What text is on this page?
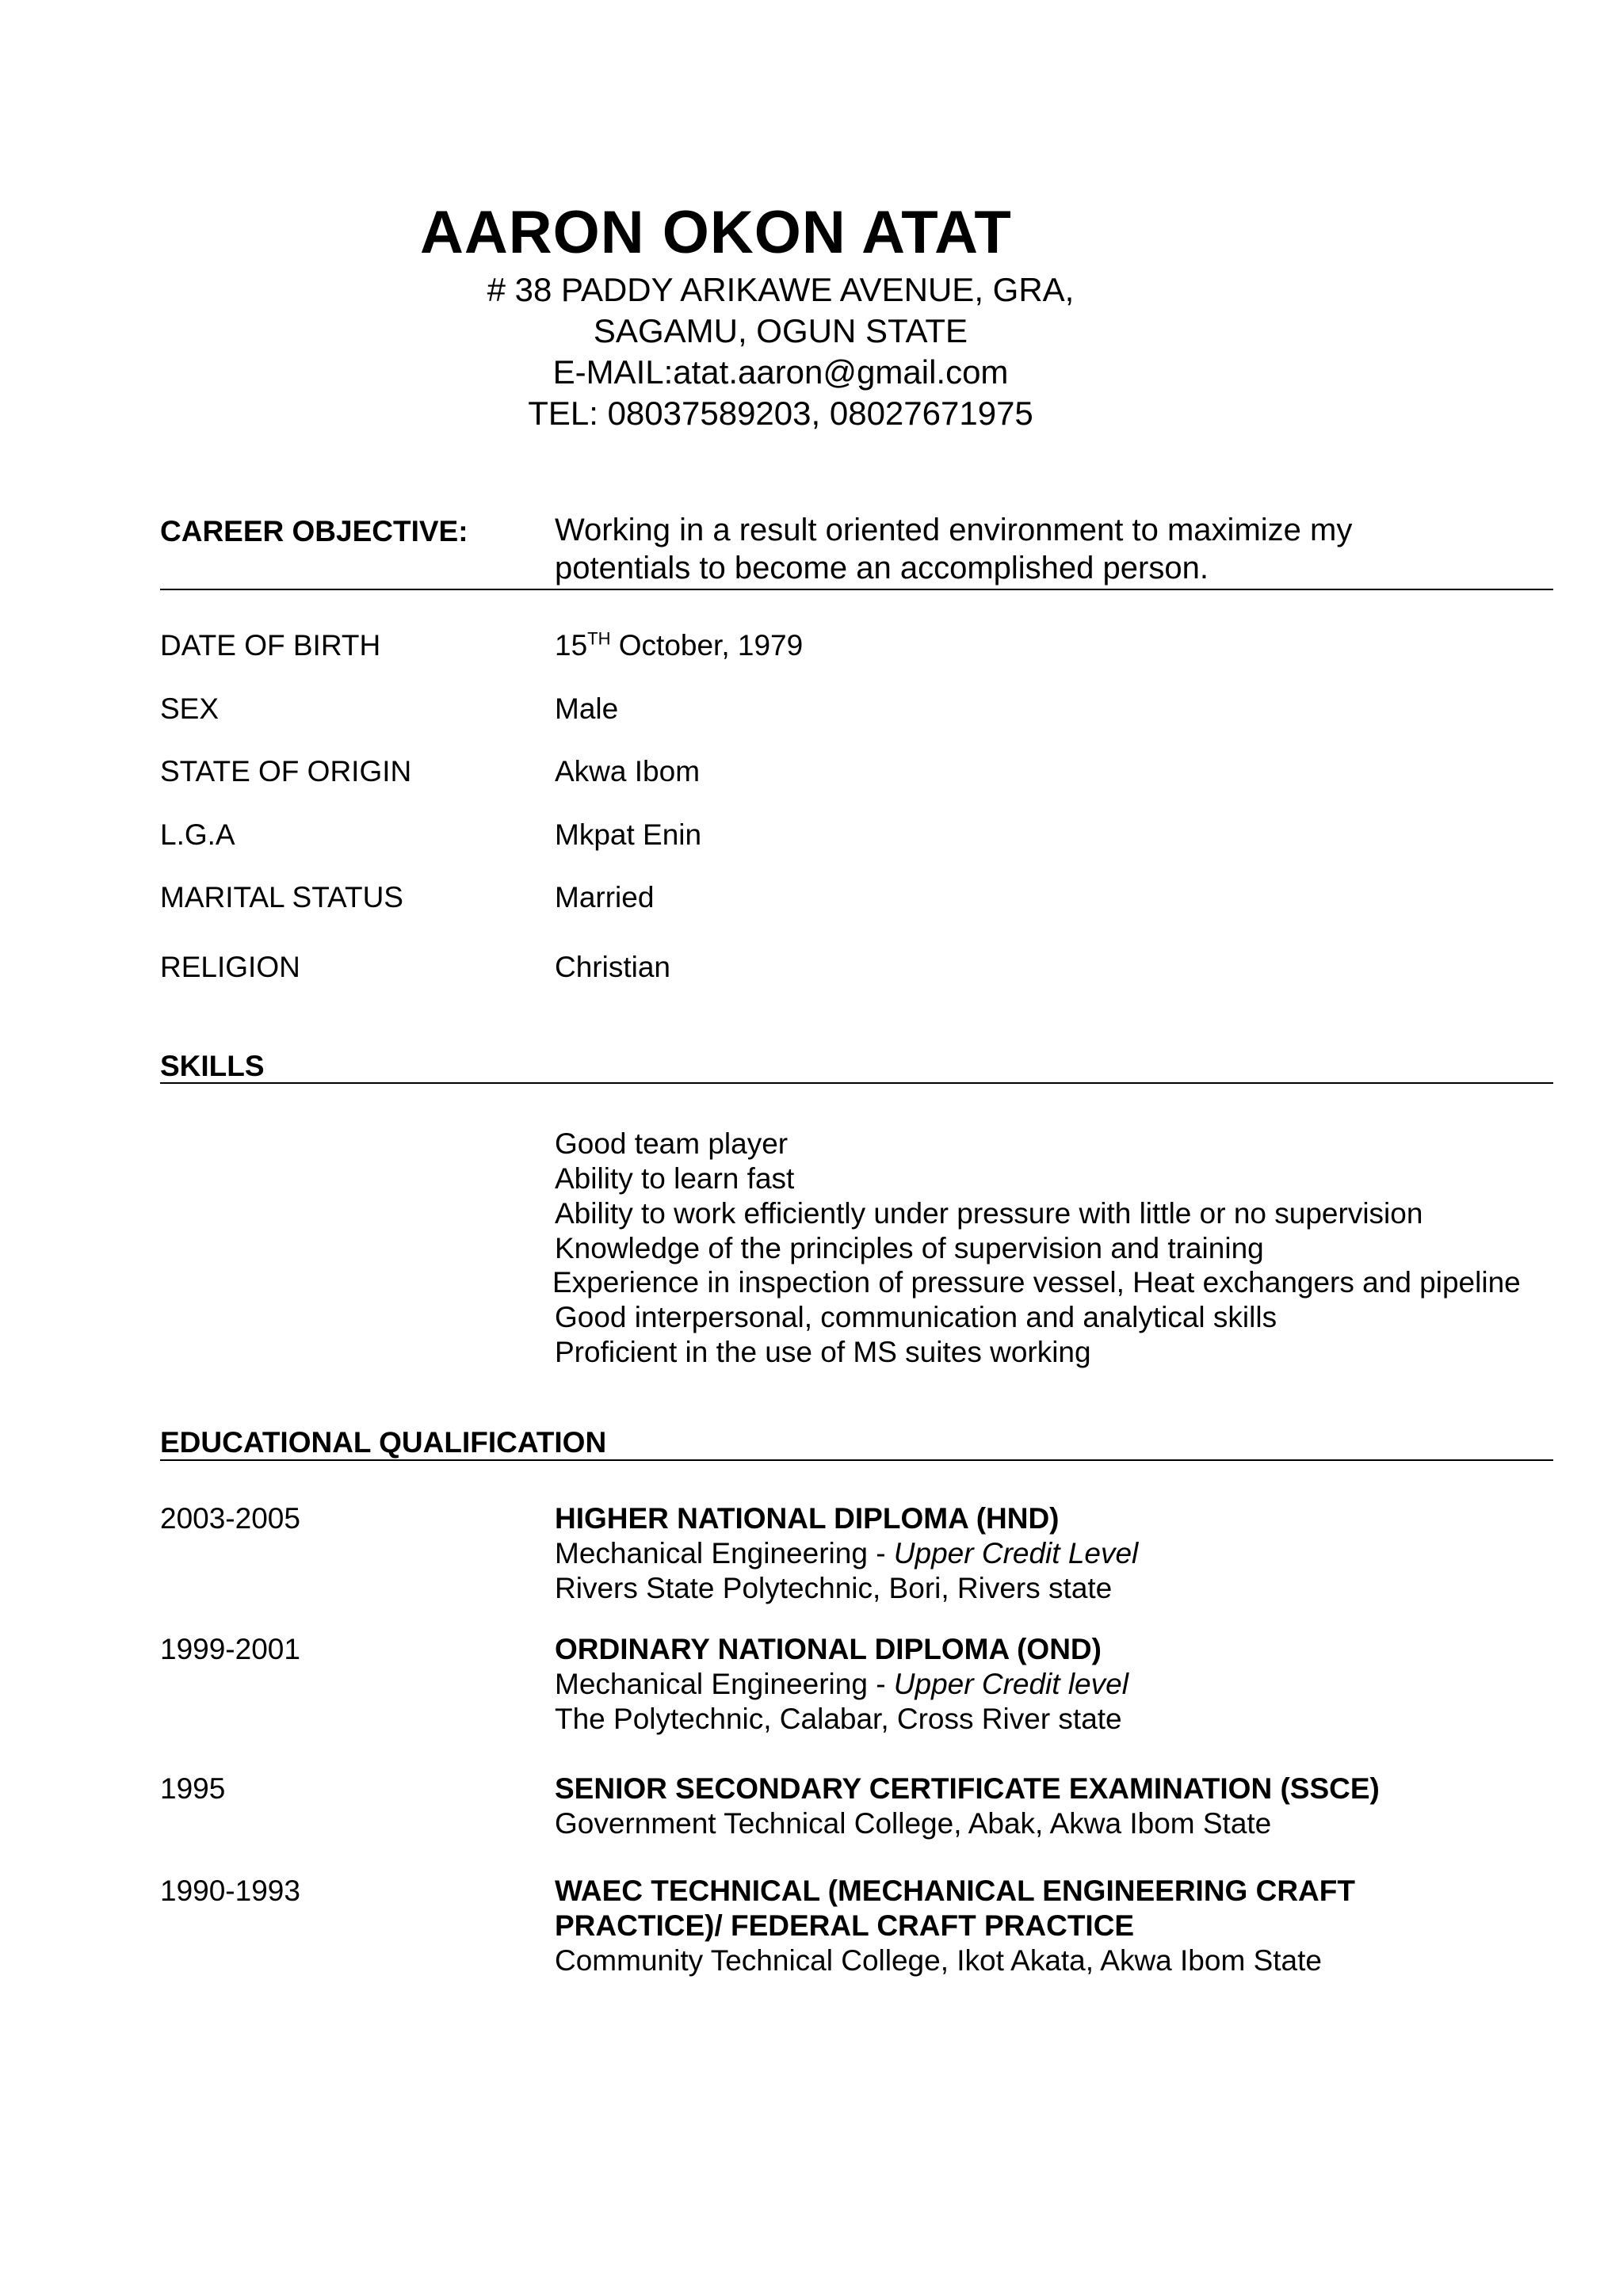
AARON OKON ATAT
# 38 PADDY ARIKAWE AVENUE, GRA,
SAGAMU, OGUN STATE
E-MAIL:atat.aaron@gmail.com
TEL: 08037589203, 08027671975
CAREER OBJECTIVE:	Working in a result oriented environment to maximize my
potentials to become an accomplished person.
DATE OF BIRTH	15TH October, 1979
SEX	Male
STATE OF ORIGIN	Akwa Ibom
L.G.A	Mkpat Enin
MARITAL STATUS	Married
RELIGION	Christian
SKILLS
Good team player
Ability to learn fast
Ability to work efficiently under pressure with little or no supervision
Knowledge of the principles of supervision and training
Experience in inspection of pressure vessel, Heat exchangers and pipeline
Good interpersonal, communication and analytical skills
Proficient in the use of MS suites working
EDUCATIONAL QUALIFICATION
2003-2005	HIGHER NATIONAL DIPLOMA (HND)
Mechanical Engineering - Upper Credit Level
Rivers State Polytechnic, Bori, Rivers state
1999-2001	ORDINARY NATIONAL DIPLOMA (OND)
Mechanical Engineering - Upper Credit level
The Polytechnic, Calabar, Cross River state
1995	SENIOR SECONDARY CERTIFICATE EXAMINATION (SSCE)
Government Technical College, Abak, Akwa Ibom State
1990-1993	WAEC TECHNICAL (MECHANICAL ENGINEERING CRAFT
PRACTICE)/ FEDERAL CRAFT PRACTICE
Community Technical College, Ikot Akata, Akwa Ibom State
